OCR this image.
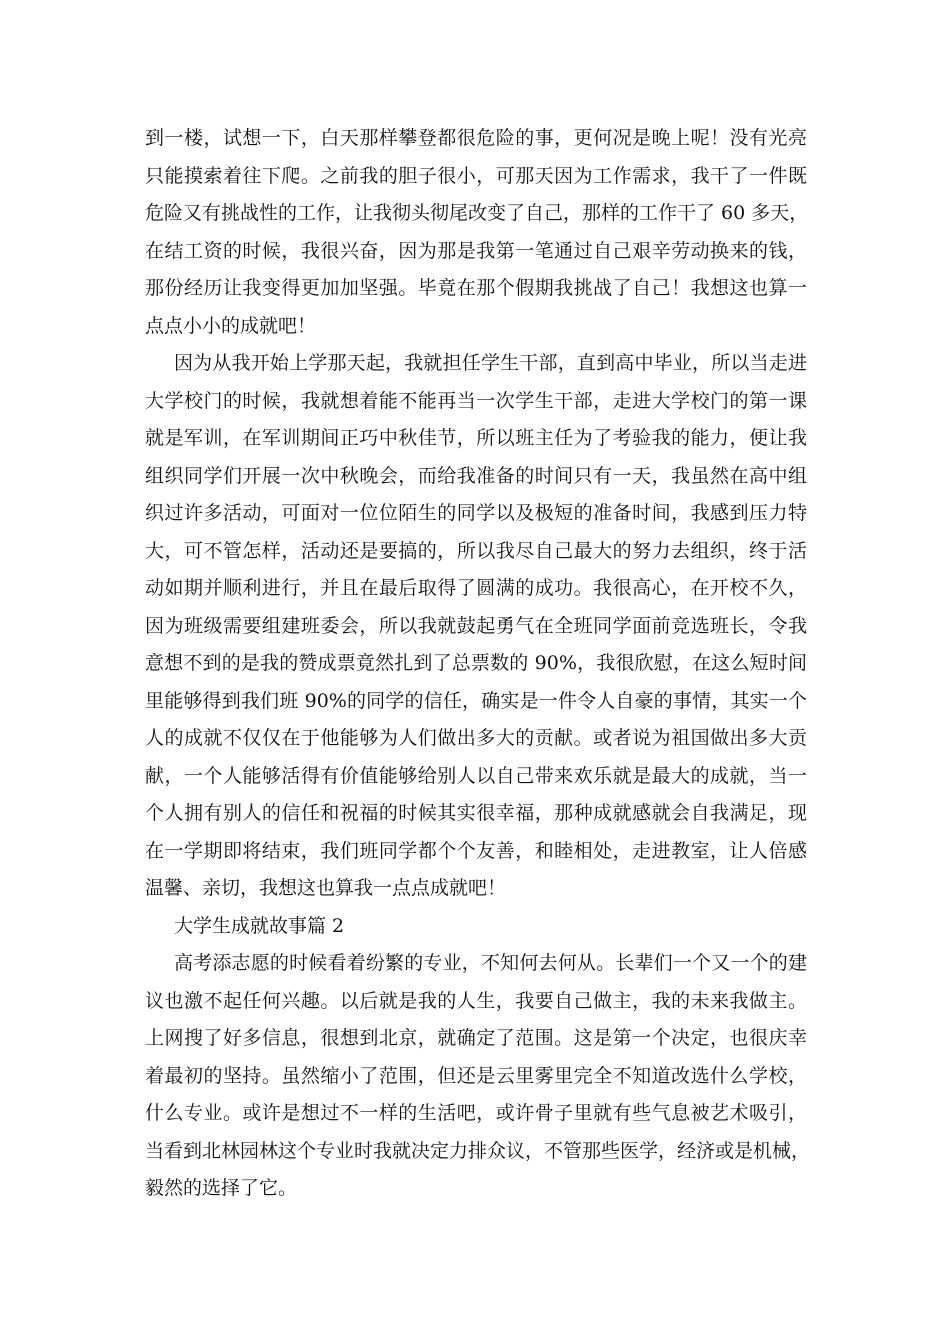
到一楼，试想一下，白天那样攀登都很危险的事，更何况是晚上呢！没有光亮
只能摸索着往下爬。之前我的胆子很小，可那天因为工作需求，我干了一件既
危险又有挑战性的工作，让我彻头彻尾改变了自己，那样的工作干了 60 多天，
在结工资的时候，我很兴奋，因为那是我第一笔通过自己艰辛劳动换来的钱，
那份经历让我变得更加加坚强。毕竟在那个假期我挑战了自己！我想这也算一
点点小小的成就吧！
因为从我开始上学那天起，我就担任学生干部，直到高中毕业，所以当走进
大学校门的时候，我就想着能不能再当一次学生干部，走进大学校门的第一课
就是军训，在军训期间正巧中秋佳节，所以班主任为了考验我的能力，便让我
组织同学们开展一次中秋晚会，而给我准备的时间只有一天，我虽然在高中组
织过许多活动，可面对一位位陌生的同学以及极短的准备时间，我感到压力特
大，可不管怎样，活动还是要搞的，所以我尽自己最大的努力去组织，终于活
动如期并顺利进行，并且在最后取得了圆满的成功。我很高心，在开校不久，
因为班级需要组建班委会，所以我就鼓起勇气在全班同学面前竞选班长，令我
意想不到的是我的赞成票竟然扎到了总票数的 90%，我很欣慰，在这么短时间
里能够得到我们班 90%的同学的信任，确实是一件令人自豪的事情，其实一个
人的成就不仅仅在于他能够为人们做出多大的贡献。或者说为祖国做出多大贡
献，一个人能够活得有价值能够给别人以自己带来欢乐就是最大的成就，当一
个人拥有别人的信任和祝福的时候其实很幸福，那种成就感就会自我满足，现
在一学期即将结束，我们班同学都个个友善，和睦相处，走进教室，让人倍感
温馨、亲切，我想这也算我一点点成就吧！
大学生成就故事篇 2
高考添志愿的时候看着纷繁的专业，不知何去何从。长辈们一个又一个的建
议也激不起任何兴趣。以后就是我的人生，我要自己做主，我的未来我做主。
上网搜了好多信息，很想到北京，就确定了范围。这是第一个决定，也很庆幸
着最初的坚持。虽然缩小了范围，但还是云里雾里完全不知道改选什么学校，
什么专业。或许是想过不一样的生活吧，或许骨子里就有些气息被艺术吸引，
当看到北林园林这个专业时我就决定力排众议，不管那些医学，经济或是机械，
毅然的选择了它。
